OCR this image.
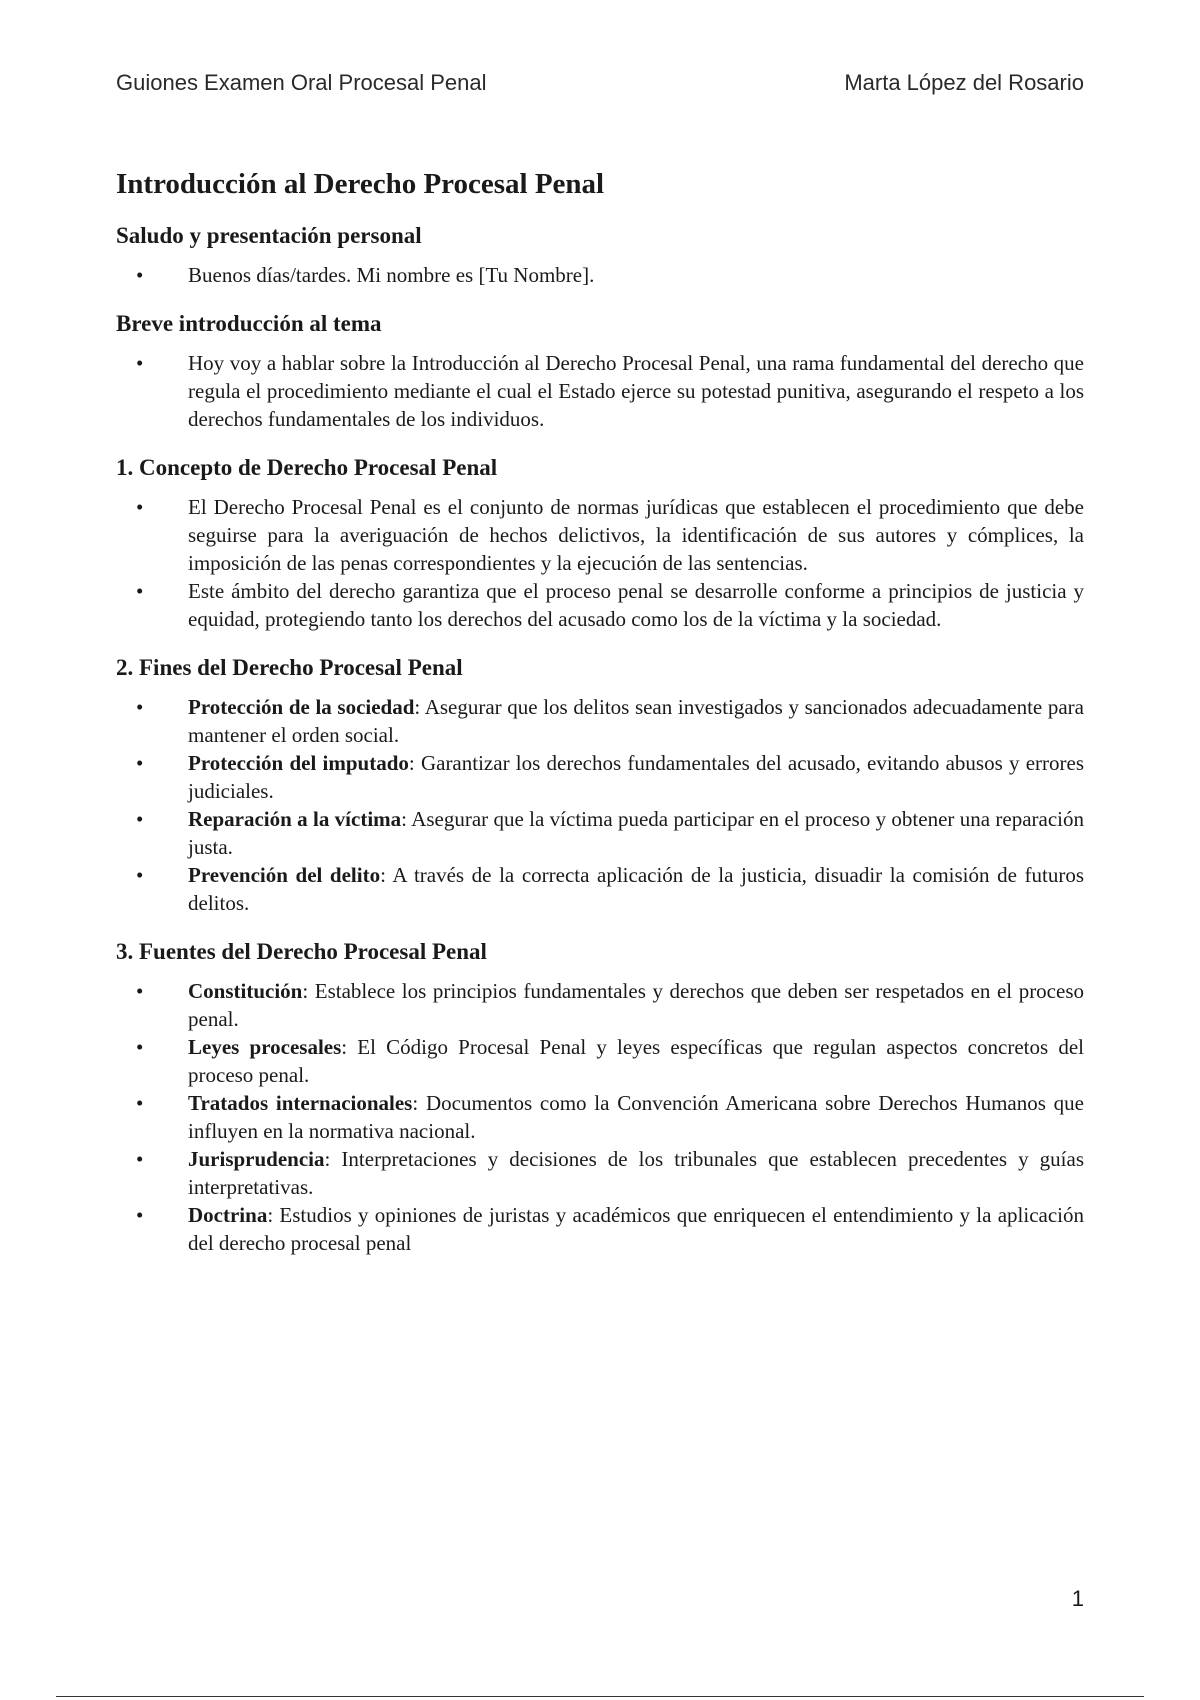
Guiones Examen Oral Procesal Penal	Marta López del Rosario
Introducción al Derecho Procesal Penal
Saludo y presentación personal
• Buenos días/tardes. Mi nombre es [Tu Nombre].
Breve introducción al tema
• Hoy voy a hablar sobre la Introducción al Derecho Procesal Penal, una rama fundamental del derecho que regula el procedimiento mediante el cual el Estado ejerce su potestad punitiva, asegurando el respeto a los derechos fundamentales de los individuos.
1. Concepto de Derecho Procesal Penal
• El Derecho Procesal Penal es el conjunto de normas jurídicas que establecen el procedimiento que debe seguirse para la averiguación de hechos delictivos, la identificación de sus autores y cómplices, la imposición de las penas correspondientes y la ejecución de las sentencias.
• Este ámbito del derecho garantiza que el proceso penal se desarrolle conforme a principios de justicia y equidad, protegiendo tanto los derechos del acusado como los de la víctima y la sociedad.
2. Fines del Derecho Procesal Penal
• Protección de la sociedad: Asegurar que los delitos sean investigados y sancionados adecuadamente para mantener el orden social.
• Protección del imputado: Garantizar los derechos fundamentales del acusado, evitando abusos y errores judiciales.
• Reparación a la víctima: Asegurar que la víctima pueda participar en el proceso y obtener una reparación justa.
• Prevención del delito: A través de la correcta aplicación de la justicia, disuadir la comisión de futuros delitos.
3. Fuentes del Derecho Procesal Penal
• Constitución: Establece los principios fundamentales y derechos que deben ser respetados en el proceso penal.
• Leyes procesales: El Código Procesal Penal y leyes específicas que regulan aspectos concretos del proceso penal.
• Tratados internacionales: Documentos como la Convención Americana sobre Derechos Humanos que influyen en la normativa nacional.
• Jurisprudencia: Interpretaciones y decisiones de los tribunales que establecen precedentes y guías interpretativas.
• Doctrina: Estudios y opiniones de juristas y académicos que enriquecen el entendimiento y la aplicación del derecho procesal penal
1
